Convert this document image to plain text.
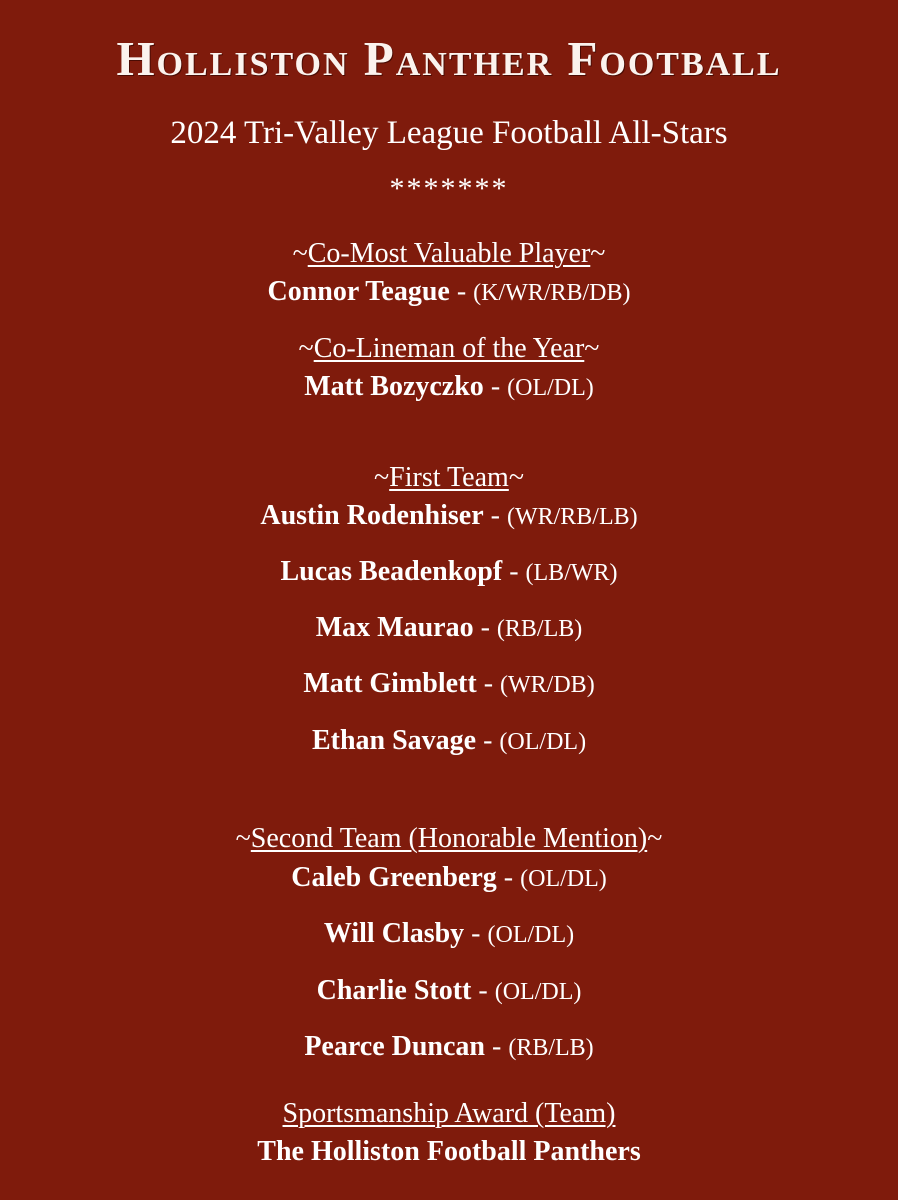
Holliston Panther Football
2024 Tri-Valley League Football All-Stars
*******
~Co-Most Valuable Player~
Connor Teague - (K/WR/RB/DB)
~Co-Lineman of the Year~
Matt Bozyczko - (OL/DL)
~First Team~
Austin Rodenhiser - (WR/RB/LB)
Lucas Beadenkopf - (LB/WR)
Max Maurao - (RB/LB)
Matt Gimblett - (WR/DB)
Ethan Savage - (OL/DL)
~Second Team (Honorable Mention)~
Caleb Greenberg - (OL/DL)
Will Clasby - (OL/DL)
Charlie Stott - (OL/DL)
Pearce Duncan - (RB/LB)
Sportsmanship Award (Team)
The Holliston Football Panthers
